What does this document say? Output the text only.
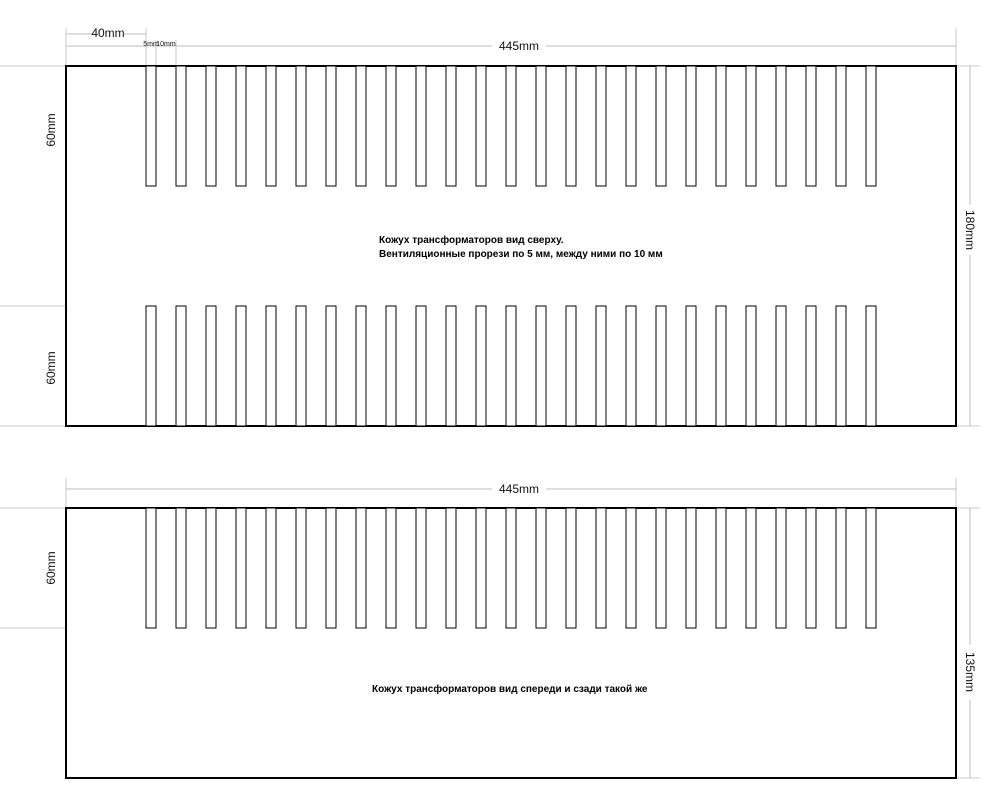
445mm
40mm
5mm
10mm
180mm
60mm
60mm
Кожух трансформаторов вид сверху.
Вентиляционные прорези по 5 мм, между ними по 10 мм
445mm
135mm
60mm
Кожух трансформаторов вид спереди и сзади такой же
